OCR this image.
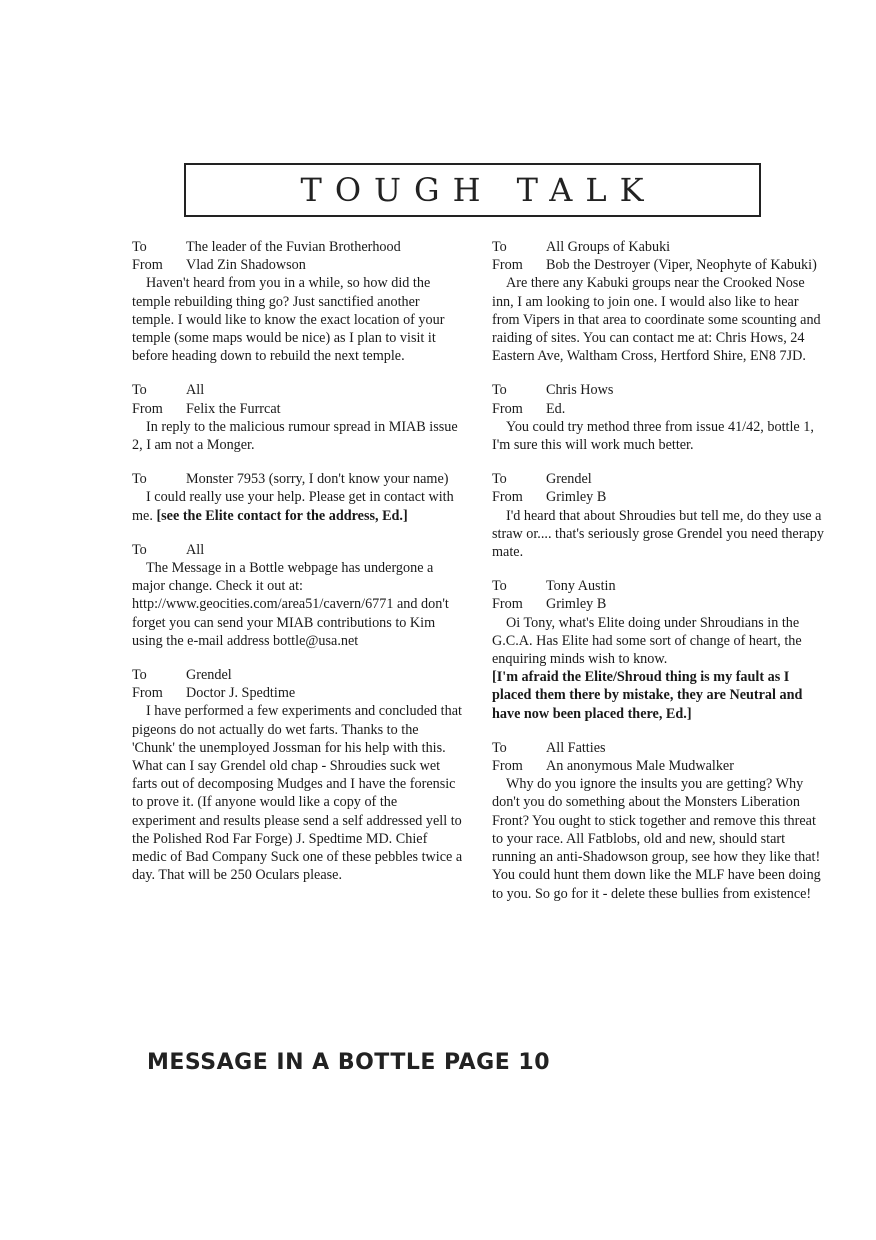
TOUGH TALK
To	The leader of the Fuvian Brotherhood
From	Vlad Zin Shadowson
Haven't heard from you in a while, so how did the temple rebuilding thing go? Just sanctified another temple. I would like to know the exact location of your temple (some maps would be nice) as I plan to visit it before heading down to rebuild the next temple.
To	All
From	Felix the Furrcat
In reply to the malicious rumour spread in MIAB issue 2, I am not a Monger.
To	Monster 7953 (sorry, I don't know your name)
I could really use your help. Please get in contact with me. [see the Elite contact for the address, Ed.]
To	All
The Message in a Bottle webpage has undergone a major change. Check it out at: http://www.geocities.com/area51/cavern/6771 and don't forget you can send your MIAB contributions to Kim using the e-mail address bottle@usa.net
To	Grendel
From	Doctor J. Spedtime
I have performed a few experiments and concluded that pigeons do not actually do wet farts. Thanks to the 'Chunk' the unemployed Jossman for his help with this. What can I say Grendel old chap - Shroudies suck wet farts out of decomposing Mudges and I have the forensic to prove it. (If anyone would like a copy of the experiment and results please send a self addressed yell to the Polished Rod Far Forge) J. Spedtime MD. Chief medic of Bad Company Suck one of these pebbles twice a day. That will be 250 Oculars please.
To	All Groups of Kabuki
From	Bob the Destroyer (Viper, Neophyte of Kabuki)
Are there any Kabuki groups near the Crooked Nose inn, I am looking to join one. I would also like to hear from Vipers in that area to coordinate some scounting and raiding of sites. You can contact me at: Chris Hows, 24 Eastern Ave, Waltham Cross, Hertford Shire, EN8 7JD.
To	Chris Hows
From	Ed.
You could try method three from issue 41/42, bottle 1, I'm sure this will work much better.
To	Grendel
From	Grimley B
I'd heard that about Shroudies but tell me, do they use a straw or.... that's seriously grose Grendel you need therapy mate.
To	Tony Austin
From	Grimley B
Oi Tony, what's Elite doing under Shroudians in the G.C.A. Has Elite had some sort of change of heart, the enquiring minds wish to know.
[I'm afraid the Elite/Shroud thing is my fault as I placed them there by mistake, they are Neutral and have now been placed there, Ed.]
To	All Fatties
From	An anonymous Male Mudwalker
Why do you ignore the insults you are getting? Why don't you do something about the Monsters Liberation Front? You ought to stick together and remove this threat to your race. All Fatblobs, old and new, should start running an anti-Shadowson group, see how they like that! You could hunt them down like the MLF have been doing to you. So go for it - delete these bullies from existence!
MESSAGE IN A BOTTLE PAGE 10
